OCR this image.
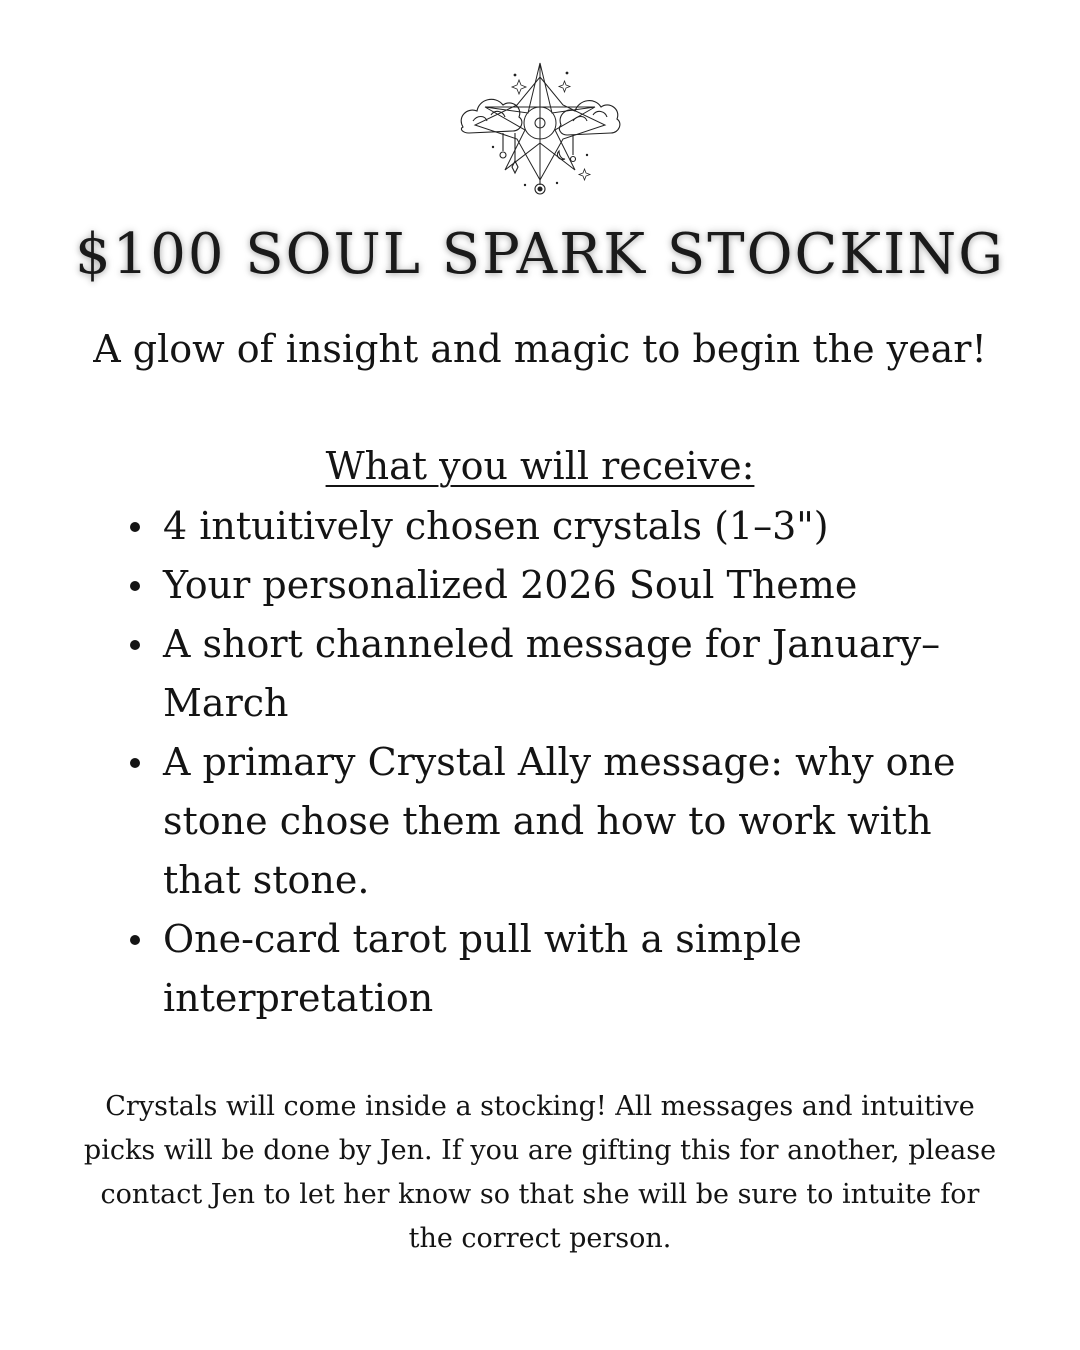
$100 SOUL SPARK STOCKING

A glow of insight and magic to begin the year!

What you will receive:

4 intuitively chosen crystals (1–3")
Your personalized 2026 Soul Theme
A short channeled message for January–March
A primary Crystal Ally message: why one stone chose them and how to work with that stone.
One-card tarot pull with a simple interpretation

Crystals will come inside a stocking! All messages and intuitive picks will be done by Jen. If you are gifting this for another, please contact Jen to let her know so that she will be sure to intuite for the correct person.
